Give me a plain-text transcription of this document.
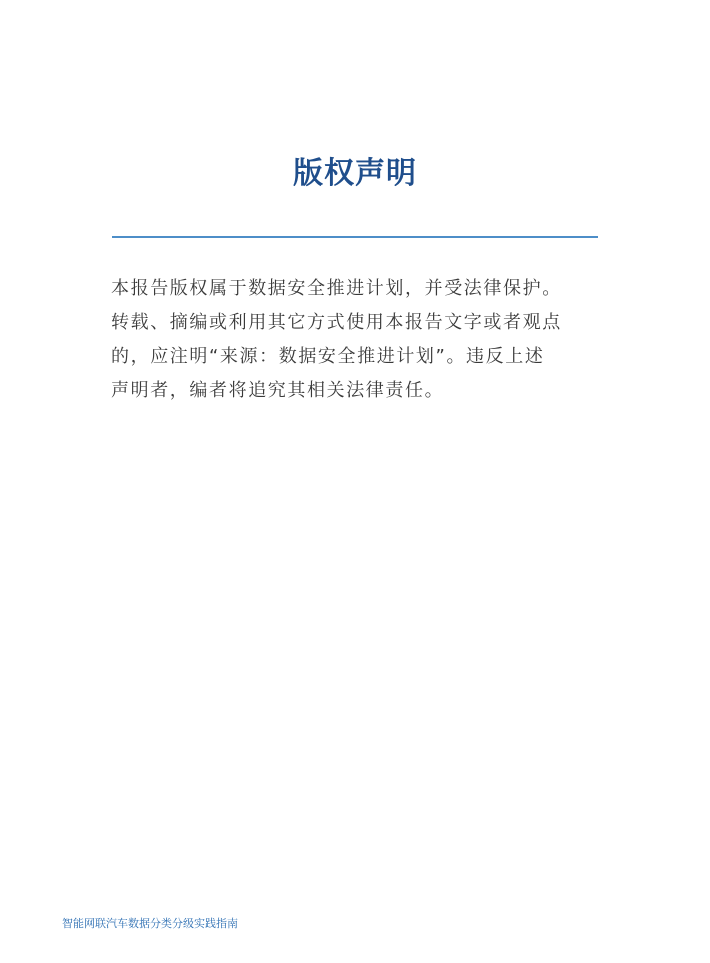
版权声明
本报告版权属于数据安全推进计划，并受法律保护。
转载、摘编或利用其它方式使用本报告文字或者观点
的，应注明“来源：数据安全推进计划”。违反上述
声明者，编者将追究其相关法律责任。
智能网联汽车数据分类分级实践指南
